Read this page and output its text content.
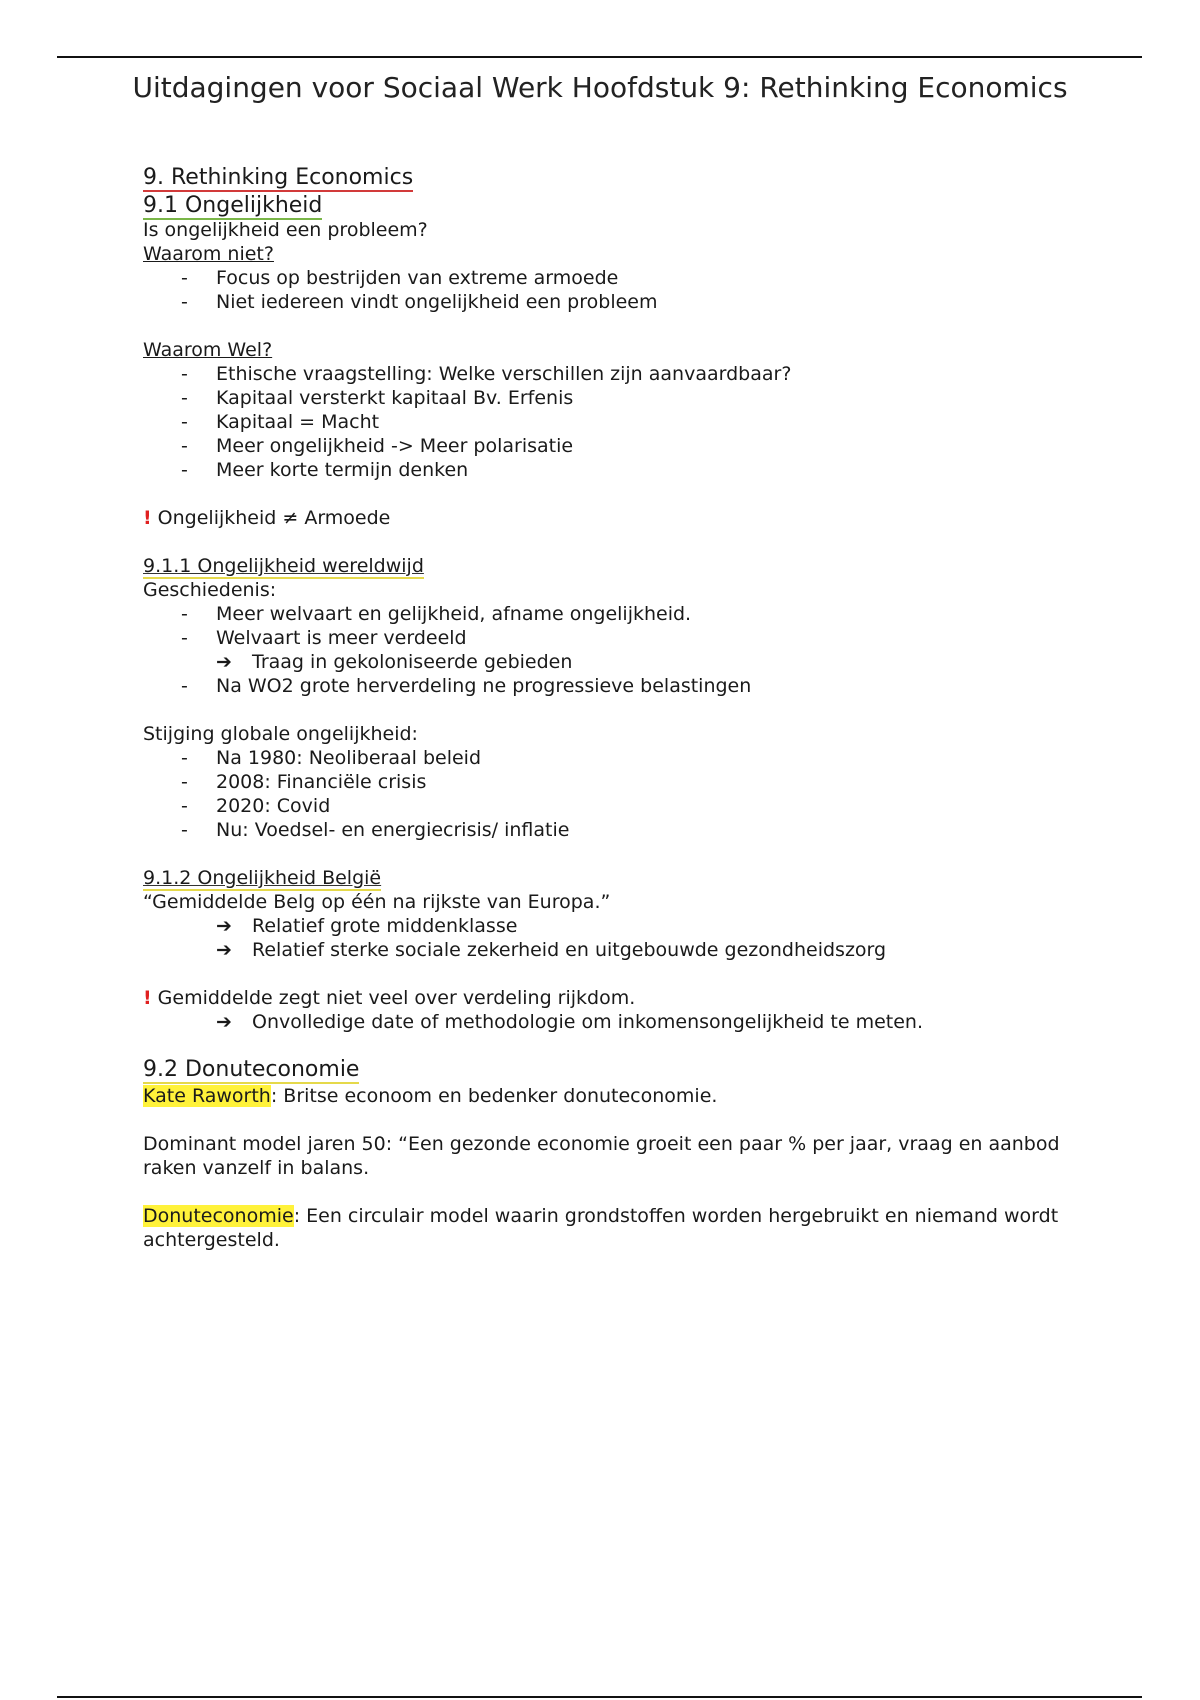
Uitdagingen voor Sociaal Werk Hoofdstuk 9: Rethinking Economics
9. Rethinking Economics
9.1 Ongelijkheid
Is ongelijkheid een probleem?
Waarom niet?
- Focus op bestrijden van extreme armoede
- Niet iedereen vindt ongelijkheid een probleem
Waarom Wel?
- Ethische vraagstelling: Welke verschillen zijn aanvaardbaar?
- Kapitaal versterkt kapitaal Bv. Erfenis
- Kapitaal = Macht
- Meer ongelijkheid -> Meer polarisatie
- Meer korte termijn denken
! Ongelijkheid ≠ Armoede
9.1.1 Ongelijkheid wereldwijd
Geschiedenis:
- Meer welvaart en gelijkheid, afname ongelijkheid.
- Welvaart is meer verdeeld
➔ Traag in gekoloniseerde gebieden
- Na WO2 grote herverdeling ne progressieve belastingen
Stijging globale ongelijkheid:
- Na 1980: Neoliberaal beleid
- 2008: Financiële crisis
- 2020: Covid
- Nu: Voedsel- en energiecrisis/ inflatie
9.1.2 Ongelijkheid België
“Gemiddelde Belg op één na rijkste van Europa.”
➔ Relatief grote middenklasse
➔ Relatief sterke sociale zekerheid en uitgebouwde gezondheidszorg
! Gemiddelde zegt niet veel over verdeling rijkdom.
➔ Onvolledige date of methodologie om inkomensongelijkheid te meten.
9.2 Donuteconomie
Kate Raworth: Britse econoom en bedenker donuteconomie.
Dominant model jaren 50: “Een gezonde economie groeit een paar % per jaar, vraag en aanbod raken vanzelf in balans.
Donuteconomie: Een circulair model waarin grondstoffen worden hergebruikt en niemand wordt achtergesteld.
